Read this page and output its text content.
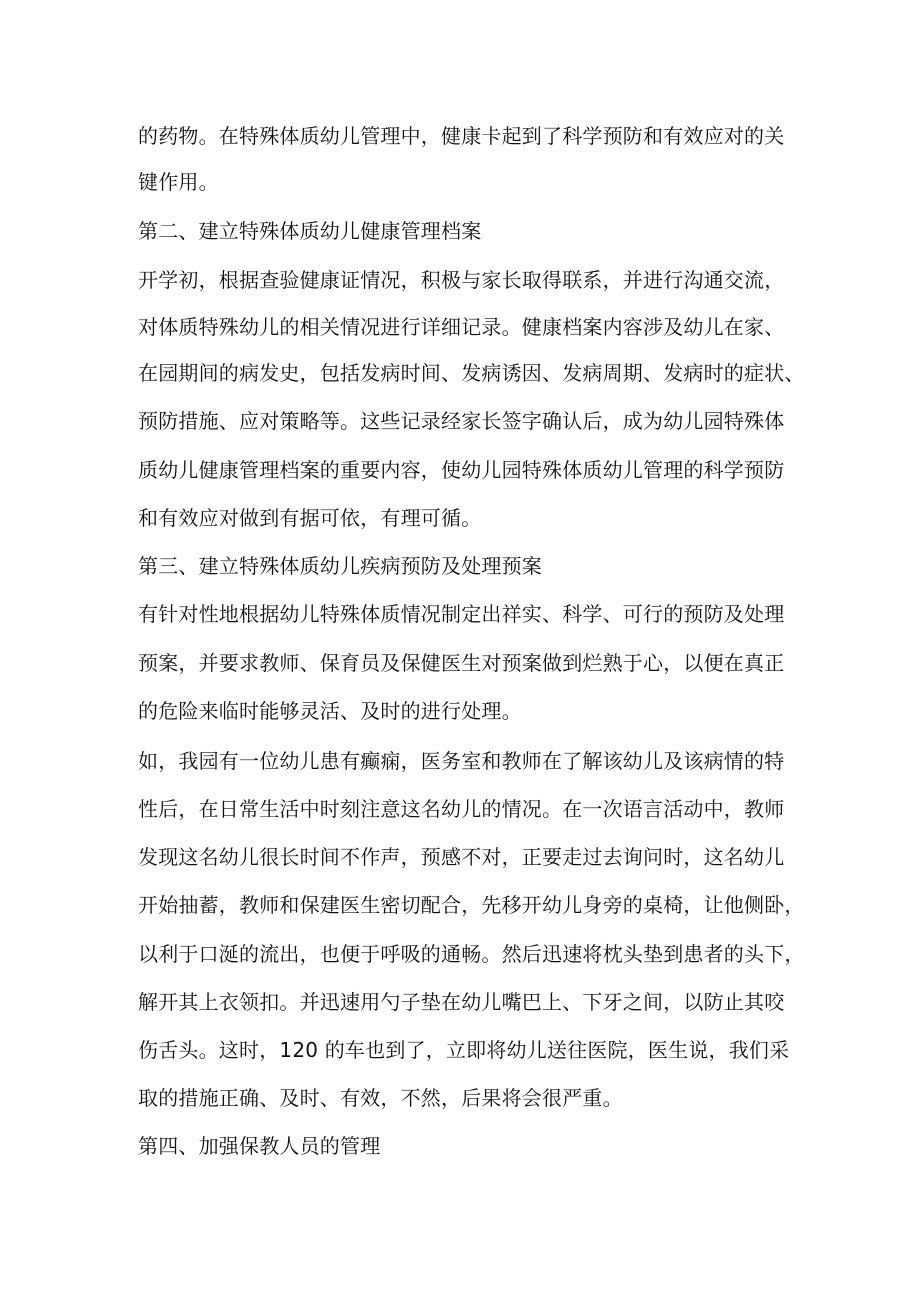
的药物。在特殊体质幼儿管理中，健康卡起到了科学预防和有效应对的关
键作用。
第二、建立特殊体质幼儿健康管理档案
开学初，根据查验健康证情况，积极与家长取得联系，并进行沟通交流，
对体质特殊幼儿的相关情况进行详细记录。健康档案内容涉及幼儿在家、
在园期间的病发史，包括发病时间、发病诱因、发病周期、发病时的症状、
预防措施、应对策略等。这些记录经家长签字确认后，成为幼儿园特殊体
质幼儿健康管理档案的重要内容，使幼儿园特殊体质幼儿管理的科学预防
和有效应对做到有据可依，有理可循。
第三、建立特殊体质幼儿疾病预防及处理预案
有针对性地根据幼儿特殊体质情况制定出祥实、科学、可行的预防及处理
预案，并要求教师、保育员及保健医生对预案做到烂熟于心，以便在真正
的危险来临时能够灵活、及时的进行处理。
如，我园有一位幼儿患有癫痫，医务室和教师在了解该幼儿及该病情的特
性后，在日常生活中时刻注意这名幼儿的情况。在一次语言活动中，教师
发现这名幼儿很长时间不作声，预感不对，正要走过去询问时，这名幼儿
开始抽蓄，教师和保建医生密切配合，先移开幼儿身旁的桌椅，让他侧卧，
以利于口涎的流出，也便于呼吸的通畅。然后迅速将枕头垫到患者的头下，
解开其上衣领扣。并迅速用勺子垫在幼儿嘴巴上、下牙之间，以防止其咬
伤舌头。这时，120 的车也到了，立即将幼儿送往医院，医生说，我们采
取的措施正确、及时、有效，不然，后果将会很严重。
第四、加强保教人员的管理
